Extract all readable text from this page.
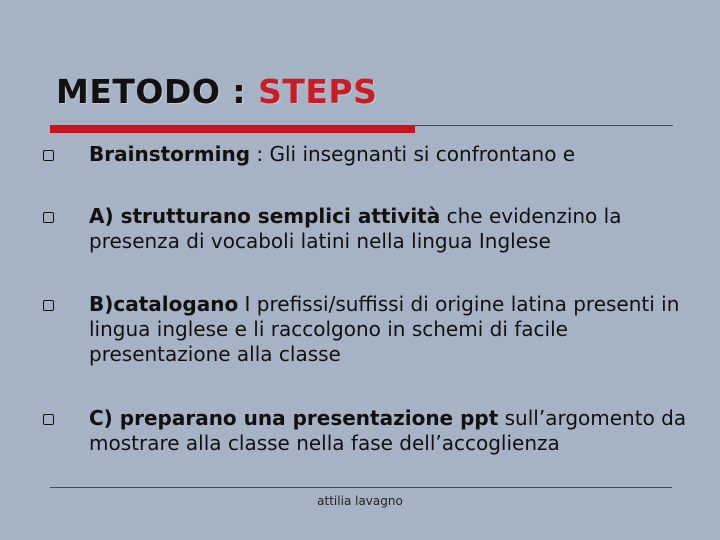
METODO : STEPS
Brainstorming : Gli insegnanti si confrontano e
A) strutturano semplici attività che evidenzino la presenza di vocaboli latini nella lingua Inglese
B)catalogano I prefissi/suffissi di origine latina presenti in lingua inglese e li raccolgono in schemi di facile presentazione alla classe
C) preparano una presentazione ppt sull’argomento da mostrare alla classe nella fase dell’accoglienza
attilia lavagno
